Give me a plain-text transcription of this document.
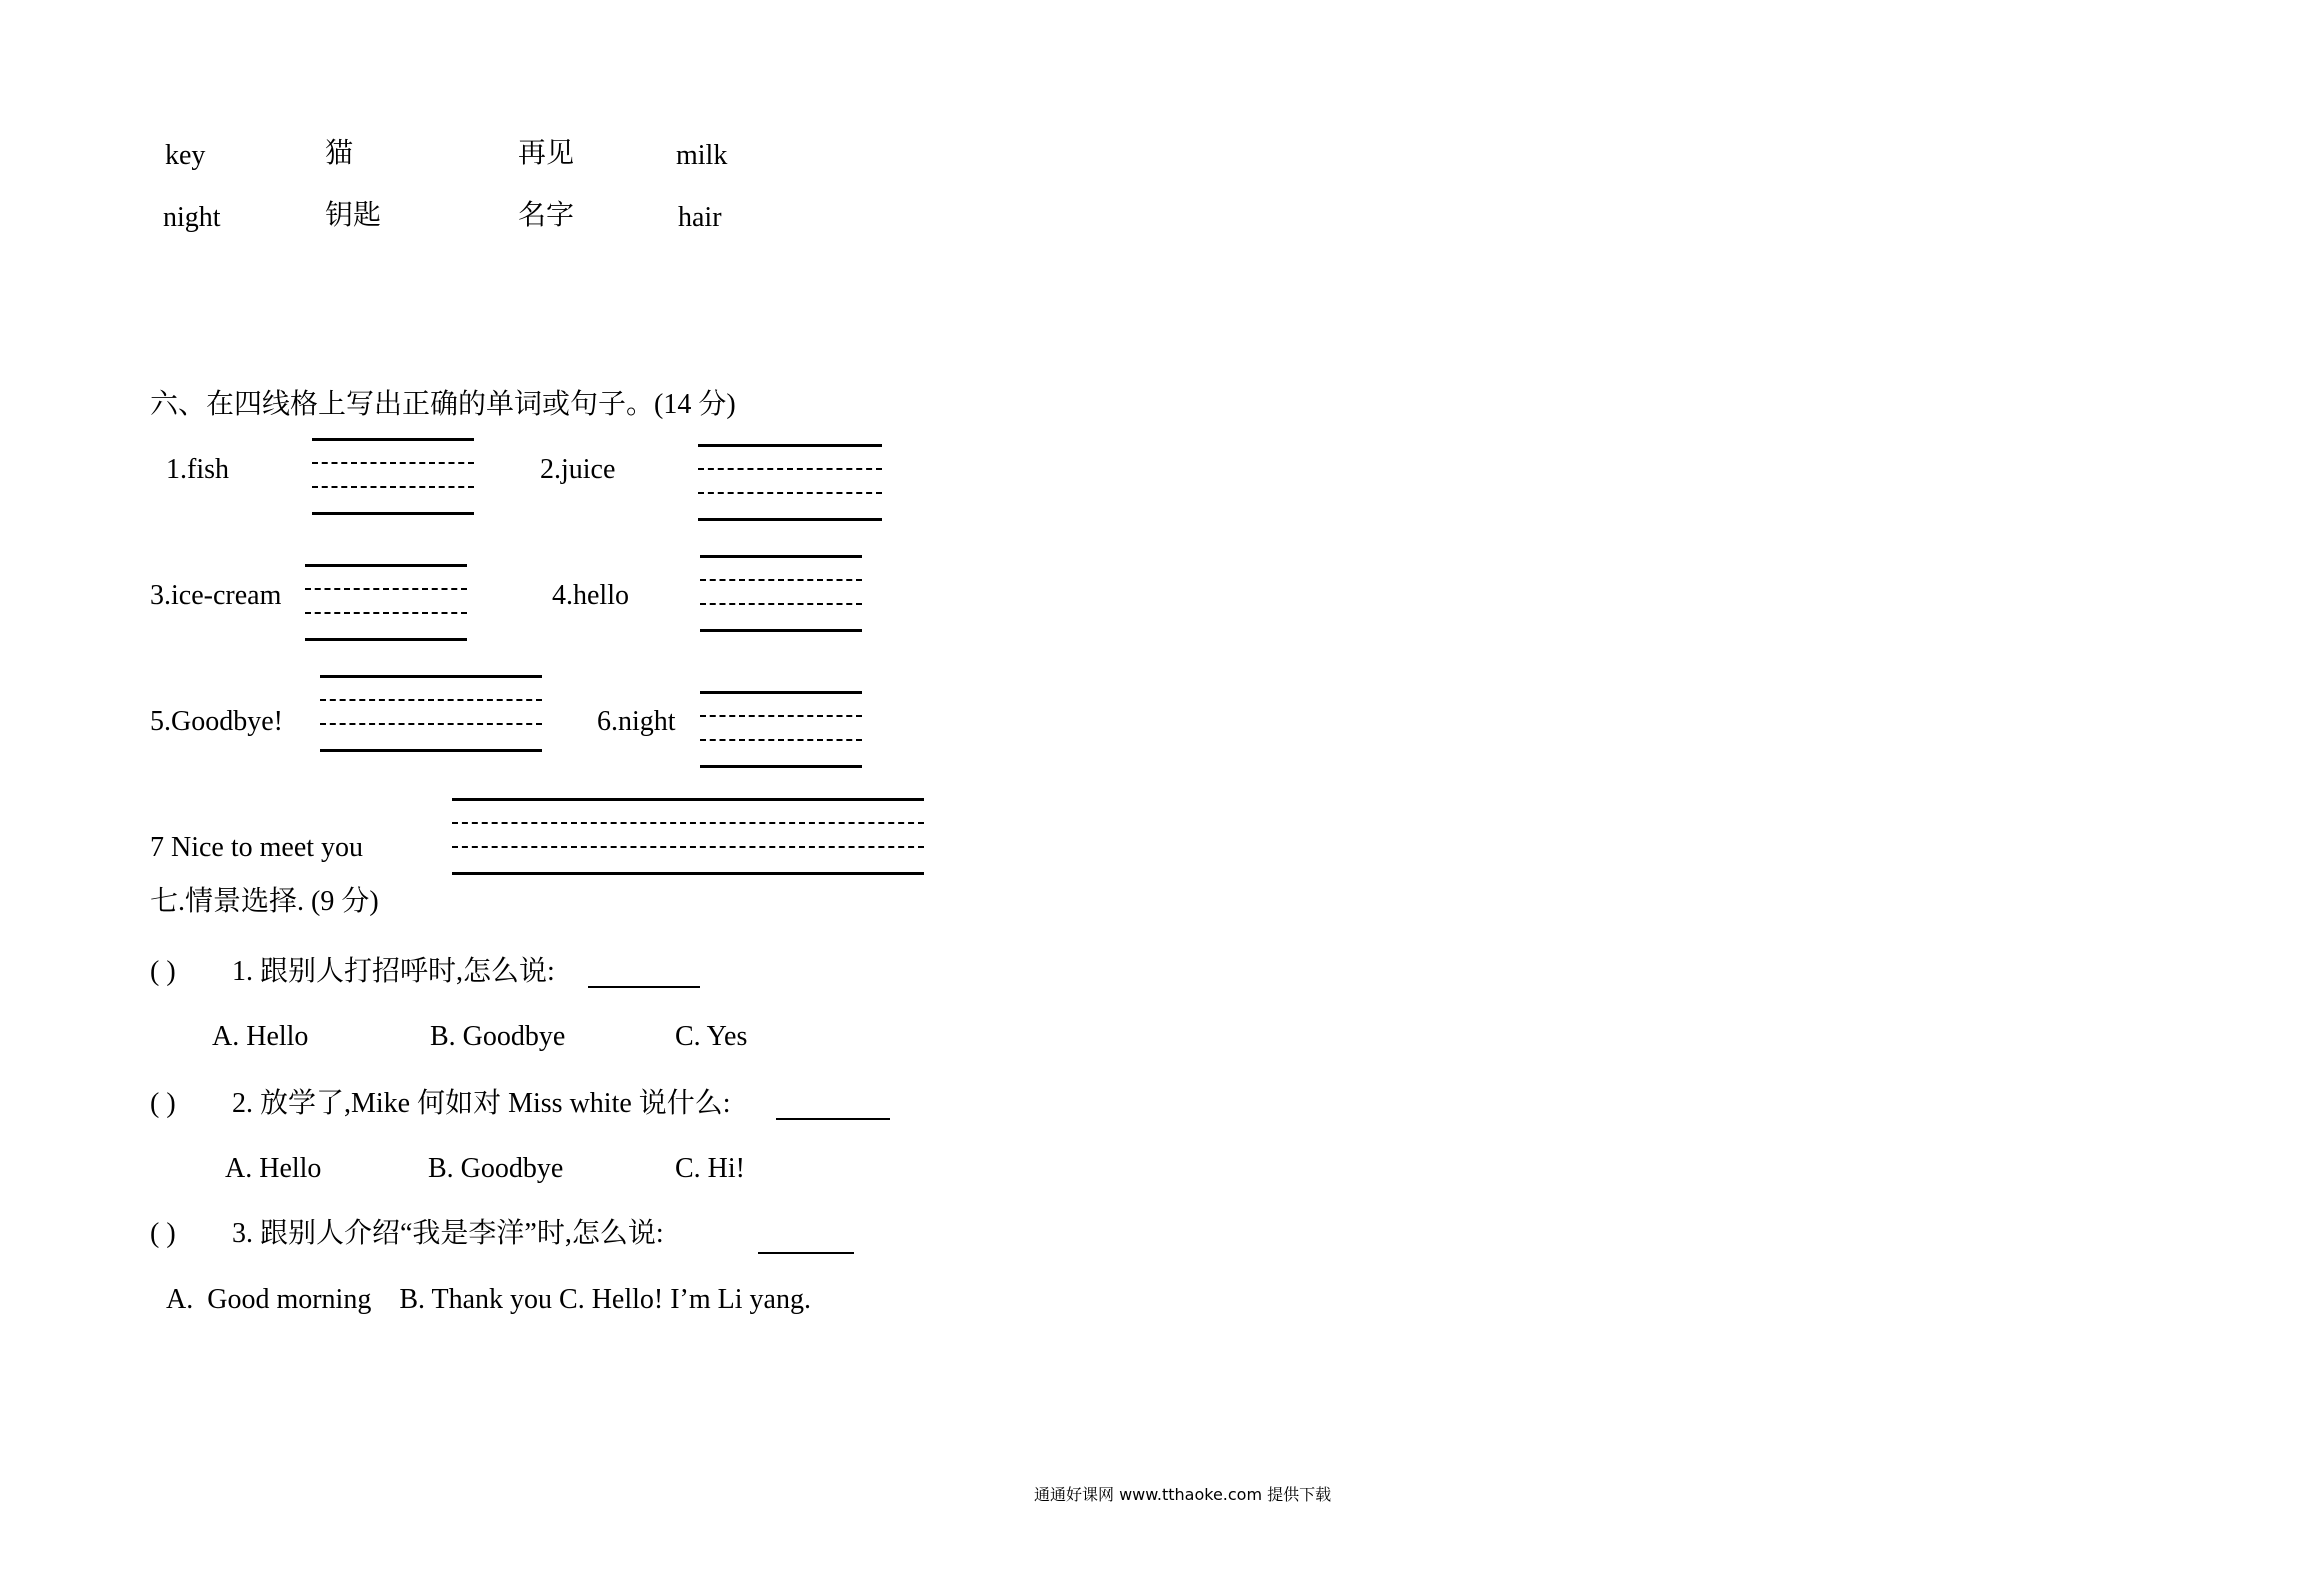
key	猫	再见	milk
night	钥匙	名字	hair
六、在四线格上写出正确的单词或句子。(14 分)
1.fish	2.juice
3.ice-cream	4.hello
5.Goodbye!	6.night
7 Nice to meet you
七.情景选择. (9 分)
( ) 1. 跟别人打招呼时,怎么说:
A. Hello	B. Goodbye	C. Yes
( ) 2. 放学了,Mike 何如对 Miss white 说什么:
A. Hello	B. Goodbye	C. Hi!
( ) 3. 跟别人介绍“我是李洋”时,怎么说:
A.  Good morning    B. Thank you C. Hello! I’m Li yang.
通通好课网 www.tthaoke.com 提供下载
